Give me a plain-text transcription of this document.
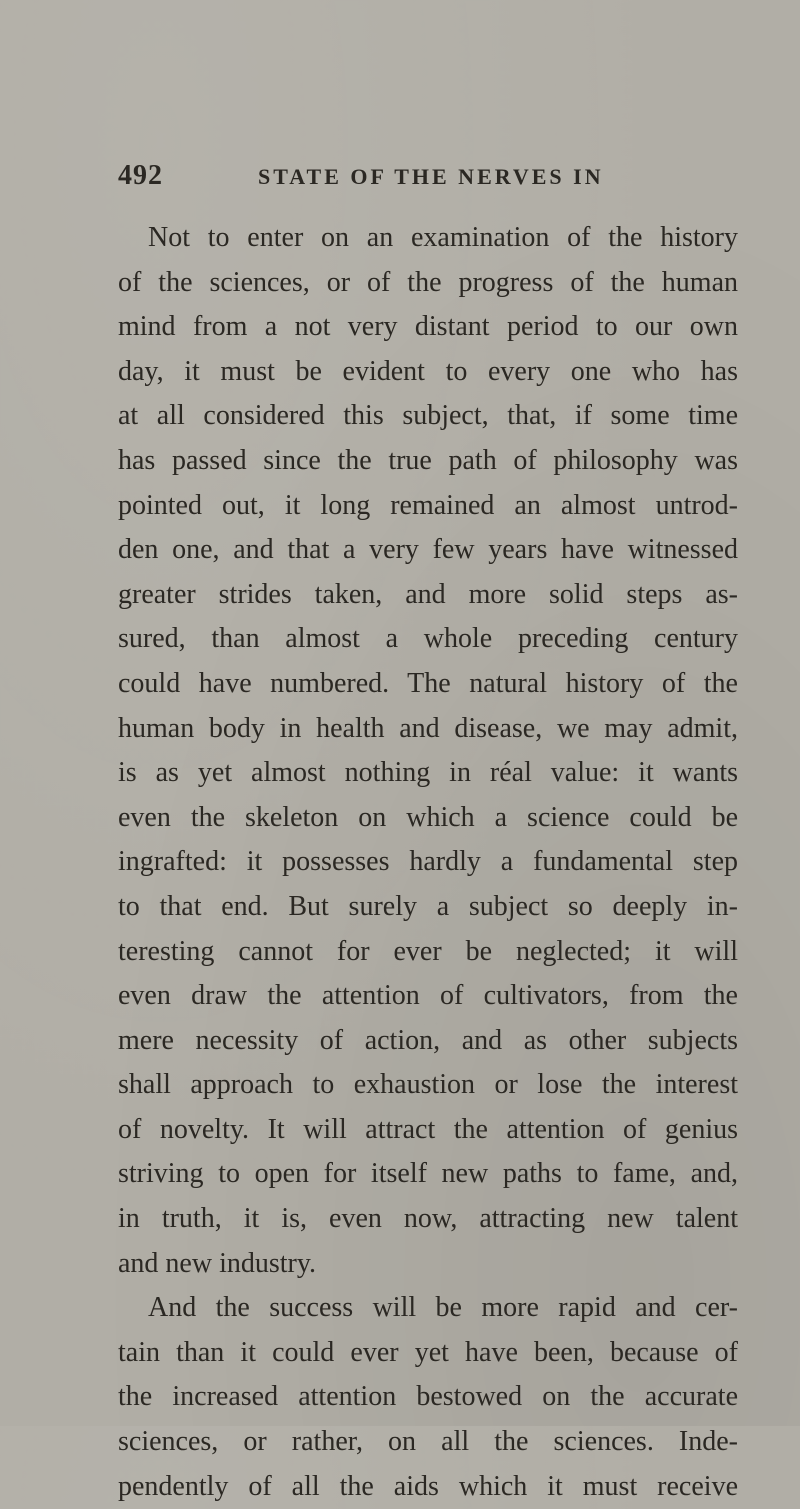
492	STATE OF THE NERVES IN
Not to enter on an examination of the history
of the sciences, or of the progress of the human
mind from a not very distant period to our own
day, it must be evident to every one who has
at all considered this subject, that, if some time
has passed since the true path of philosophy was
pointed out, it long remained an almost untrod-
den one, and that a very few years have witnessed
greater strides taken, and more solid steps as-
sured, than almost a whole preceding century
could have numbered. The natural history of the
human body in health and disease, we may admit,
is as yet almost nothing in réal value: it wants
even the skeleton on which a science could be
ingrafted: it possesses hardly a fundamental step
to that end. But surely a subject so deeply in-
teresting cannot for ever be neglected; it will
even draw the attention of cultivators, from the
mere necessity of action, and as other subjects
shall approach to exhaustion or lose the interest
of novelty. It will attract the attention of genius
striving to open for itself new paths to fame, and,
in truth, it is, even now, attracting new talent
and new industry.
And the success will be more rapid and cer-
tain than it could ever yet have been, because of
the increased attention bestowed on the accurate
sciences, or rather, on all the sciences. Inde-
pendently of all the aids which it must receive
